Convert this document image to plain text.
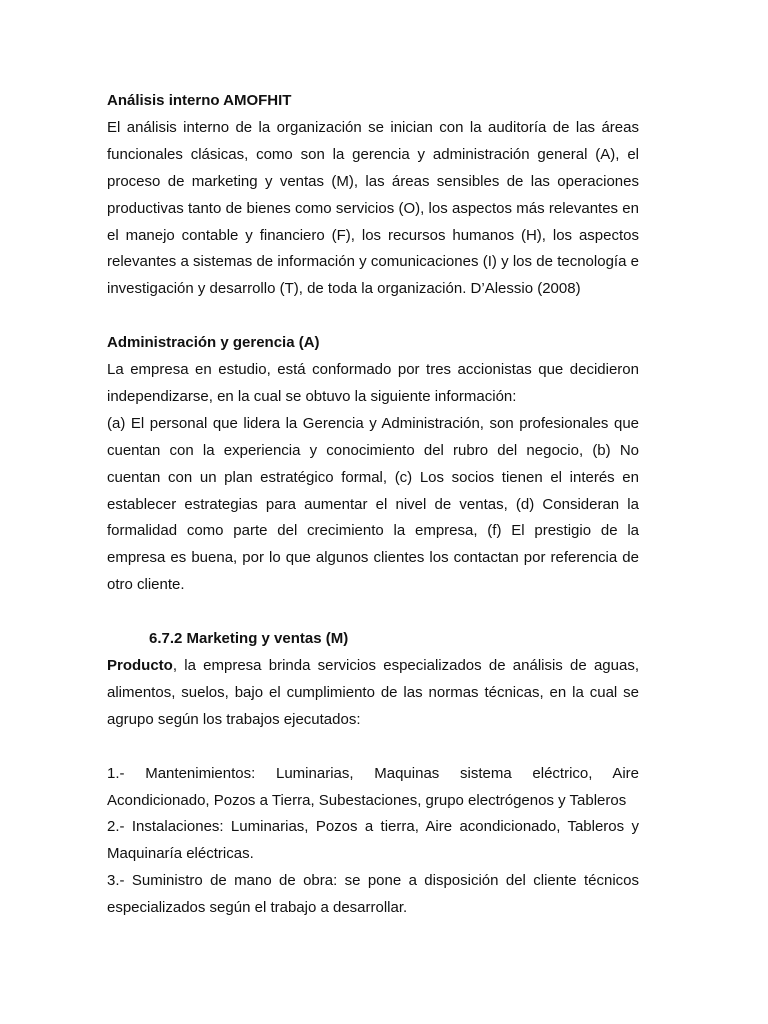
Análisis interno AMOFHIT

El análisis interno de la organización se inician con la auditoría de las áreas funcionales clásicas, como son la gerencia y administración general (A), el proceso de marketing y ventas (M), las áreas sensibles de las operaciones productivas tanto de bienes como servicios (O), los aspectos más relevantes en el manejo contable y financiero (F), los recursos humanos (H), los aspectos relevantes a sistemas de información y comunicaciones (I) y los de tecnología e investigación y desarrollo (T), de toda la organización. D’Alessio (2008)

Administración y gerencia (A)

La empresa en estudio, está conformado por tres accionistas que decidieron independizarse, en la cual se obtuvo la siguiente información:

(a) El personal que lidera la Gerencia y Administración, son profesionales que cuentan con la experiencia y conocimiento del rubro del negocio, (b) No cuentan con un plan estratégico formal, (c) Los socios tienen el interés en establecer estrategias para aumentar el nivel de ventas, (d) Consideran la formalidad como parte del crecimiento la empresa, (f) El prestigio de la empresa es buena, por lo que algunos clientes los contactan por referencia de otro cliente.

6.7.2 Marketing y ventas (M)

Producto, la empresa brinda servicios especializados de análisis de aguas, alimentos, suelos, bajo el cumplimiento de las normas técnicas, en la cual se agrupo según los trabajos ejecutados:

1.- Mantenimientos: Luminarias, Maquinas sistema eléctrico, Aire Acondicionado, Pozos a Tierra, Subestaciones, grupo electrógenos y Tableros

2.- Instalaciones: Luminarias, Pozos a tierra, Aire acondicionado, Tableros y Maquinaría eléctricas.

3.- Suministro de mano de obra: se pone a disposición del cliente técnicos especializados según el trabajo a desarrollar.
